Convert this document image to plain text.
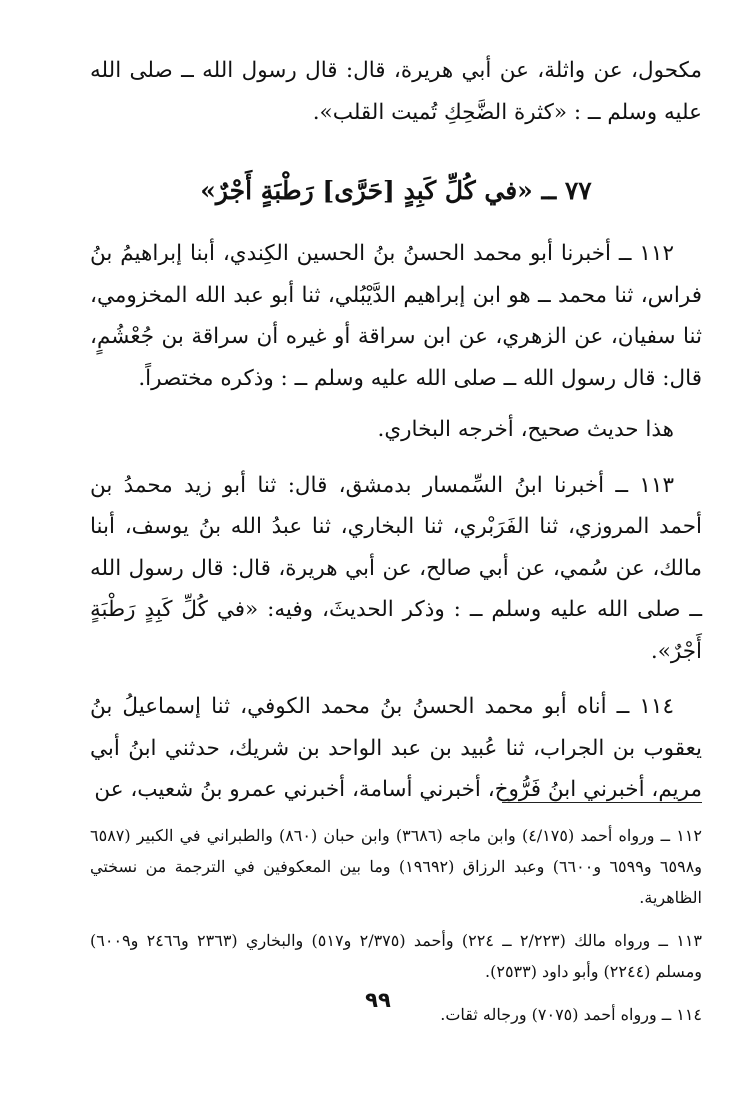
مكحول، عن واثلة، عن أبي هريرة، قال: قال رسول الله ــ صلى الله عليه وسلم ــ : «كثرة الضَّحِكِ تُميت القلب».

٧٧ ــ «في كُلِّ كَبِدٍ [حَرَّى] رَطْبَةٍ أَجْرٌ»

١١٢ ــ أخبرنا أبو محمد الحسنُ بنُ الحسين الكِندي، أبنا إبراهيمُ بنُ فراس، ثنا محمد ــ هو ابن إبراهيم الدَّيْبُلي، ثنا أبو عبد الله المخزومي، ثنا سفيان، عن الزهري، عن ابن سراقة أو غيره أن سراقة بن جُعْشُمٍ، قال: قال رسول الله ــ صلى الله عليه وسلم ــ : وذكره مختصراً.

هذا حديث صحيح، أخرجه البخاري.

١١٣ ــ أخبرنا ابنُ السِّمسار بدمشق، قال: ثنا أبو زيد محمدُ بن أحمد المروزي، ثنا الفَرَبْري، ثنا البخاري، ثنا عبدُ الله بنُ يوسف، أبنا مالك، عن سُمي، عن أبي صالح، عن أبي هريرة، قال: قال رسول الله ــ صلى الله عليه وسلم ــ : وذكر الحديثَ، وفيه: «في كُلِّ كَبِدٍ رَطْبَةٍ أَجْرٌ».

١١٤ ــ أناه أبو محمد الحسنُ بنُ محمد الكوفي، ثنا إسماعيلُ بنُ يعقوب بن الجراب، ثنا عُبيد بن عبد الواحد بن شريك، حدثني ابنُ أبي مريم، أخبرني ابنُ فَرُّوخ، أخبرني أسامة، أخبرني عمرو بنُ شعيب، عن

١١٢ ــ ورواه أحمد (٤/١٧٥) وابن ماجه (٣٦٨٦) وابن حبان (٨٦٠) والطبراني في الكبير (٦٥٨٧ و٦٥٩٨ و٦٥٩٩ و٦٦٠٠) وعبد الرزاق (١٩٦٩٢) وما بين المعكوفين في الترجمة من نسختي الظاهرية.

١١٣ ــ ورواه مالك (٢/٢٢٣ ــ ٢٢٤) وأحمد (٢/٣٧٥ و٥١٧) والبخاري (٢٣٦٣ و٢٤٦٦ و٦٠٠٩) ومسلم (٢٢٤٤) وأبو داود (٢٥٣٣).

١١٤ ــ ورواه أحمد (٧٠٧٥) ورجاله ثقات.

٩٩
